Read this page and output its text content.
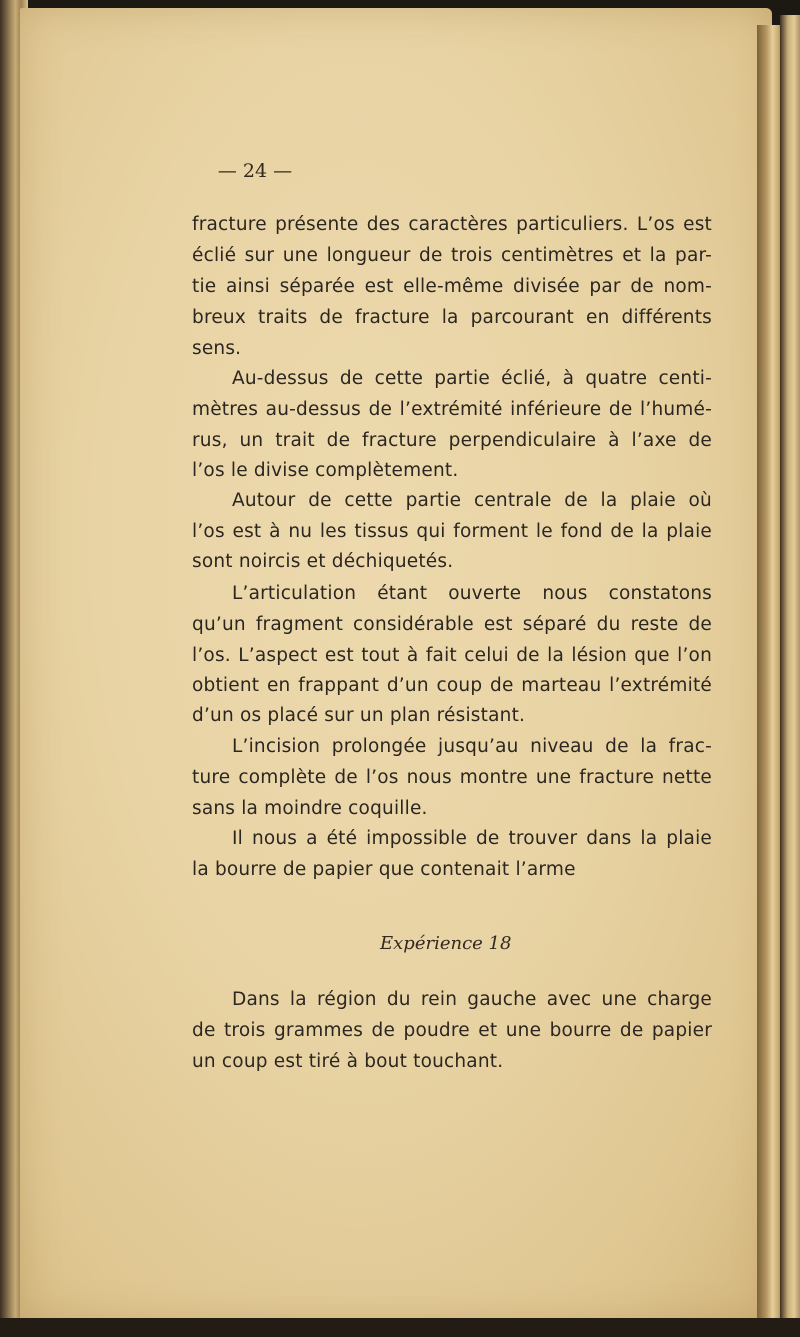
— 24 —
fracture présente des caractères particuliers. L’os est
éclié sur une longueur de trois centimètres et la par-
tie ainsi séparée est elle-même divisée par de nom-
breux traits de fracture la parcourant en différents
sens.
Au-dessus de cette partie éclié, à quatre centi-
mètres au-dessus de l’extrémité inférieure de l’humé-
rus, un trait de fracture perpendiculaire à l’axe de
l’os le divise complètement.
Autour de cette partie centrale de la plaie où
l’os est à nu les tissus qui forment le fond de la plaie
sont noircis et déchiquetés.
L’articulation étant ouverte nous constatons
qu’un fragment considérable est séparé du reste de
l’os. L’aspect est tout à fait celui de la lésion que l’on
obtient en frappant d’un coup de marteau l’extrémité
d’un os placé sur un plan résistant.
L’incision prolongée jusqu’au niveau de la frac-
ture complète de l’os nous montre une fracture nette
sans la moindre coquille.
Il nous a été impossible de trouver dans la plaie
la bourre de papier que contenait l’arme
Dans la région du rein gauche avec une charge
de trois grammes de poudre et une bourre de papier
un coup est tiré à bout touchant.
Expérience 18
